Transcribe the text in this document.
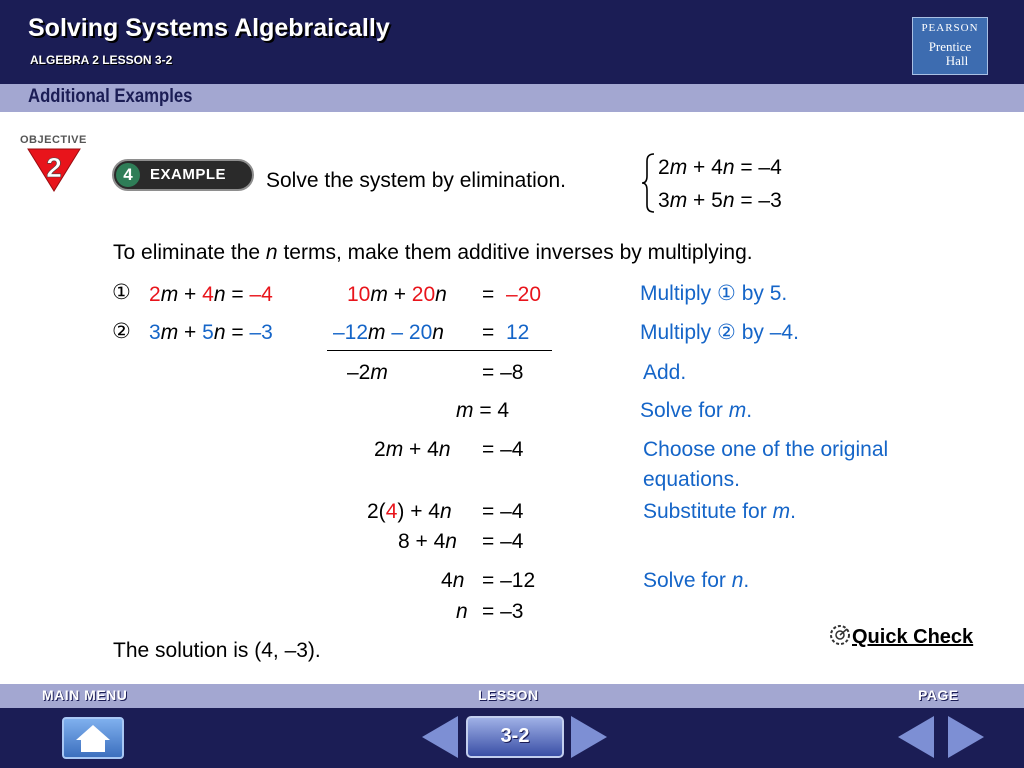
Solving Systems Algebraically
ALGEBRA 2 LESSON 3-2
PEARSON
Prentice
Hall
Additional Examples
OBJECTIVE
2	4	EXAMPLE Solve the system by elimination.
2m + 4n = –4
3m + 5n = –3
To eliminate the n terms, make them additive inverses by multiplying.
① 2m + 4n = –4	10m + 20n = –20	Multiply ① by 5.
② 3m + 5n = –3	–12m – 20n = 12	Multiply ② by –4.
–2m	= –8	Add.
m = 4	Solve for m.
2m + 4n = –4	Choose one of the original
equations.
2(4) + 4n = –4	Substitute for m.
8 + 4n = –4
4n = –12	Solve for n.
n = –3
The solution is (4, –3).
Quick Check
MAIN MENU	LESSON	PAGE
3-2
